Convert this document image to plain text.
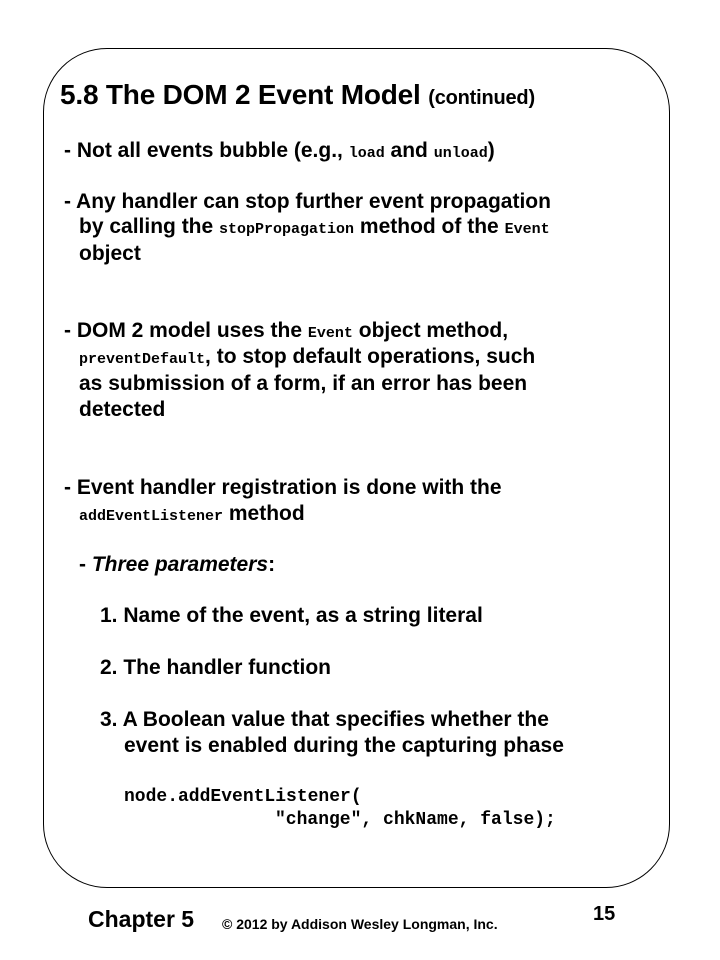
5.8 The DOM 2 Event Model (continued)
- Not all events bubble (e.g., load and unload)
- Any handler can stop further event propagation
by calling the stopPropagation method of the Event
object
- DOM 2 model uses the Event object method,
preventDefault, to stop default operations, such
as submission of a form, if an error has been
detected
- Event handler registration is done with the
addEventListener method
- Three parameters:
1. Name of the event, as a string literal
2. The handler function
3. A Boolean value that specifies whether the
event is enabled during the capturing phase
node.addEventListener(
"change", chkName, false);
Chapter 5 © 2012 by Addison Wesley Longman, Inc.	15
